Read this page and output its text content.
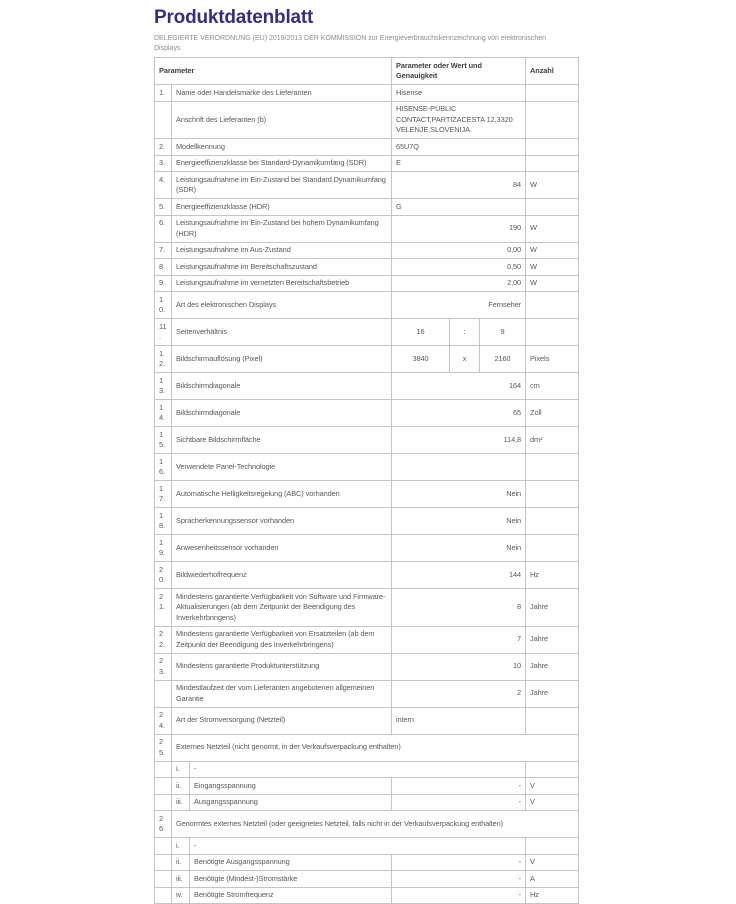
Produktdatenblatt

DELEGIERTE VERORDNUNG (EU) 2019/2013 DER KOMMISSION zur Energieverbrauchskennzeichnung von elektronischen Displays

Parameter			Parameter oder Wert und Genauigkeit			Anzahl
1.	Name oder Handelsmarke des Lieferanten		Hisense			
	Anschrift des Lieferanten (b)		HISENSE-PUBLIC CONTACT,PARTIZACESTA 12,3320 VELENJE,SLOVENIJA			
2.	Modellkennung		65U7Q			
3.	Energieeffizienzklasse bei Standard-Dynamikumfang (SDR)		E			
4.	Leistungsaufnahme im Ein-Zustand bei Standard Dynamikumfang (SDR)		84			W
5.	Energieeffizienzklasse (HDR)		G			
6.	Leistungsaufnahme im Ein-Zustand bei hohem Dynamikumfang (HDR)		190			W
7.	Leistungsaufnahme im Aus-Zustand		0,00			W
8.	Leistungsaufnahme im Bereitschaftszustand		0,50			W
9.	Leistungsaufnahme im vernetzten Bereitschaftsbetrieb		2,00			W
10.	Art des elektronischen Displays		Fernseher			
11.	Seitenverhältnis		16	:	9	
12.	Bildschirmauflösung (Pixel)		3840	x	2160	Pixels
13.	Bildschirmdiagonale		164			cm
14.	Bildschirmdiagonale		65			Zoll
15.	Sichtbare Bildschirmfläche		114,8			dm²
16.	Verwendete Panel-Technologie					
17.	Automatische Helligkeitsregelung (ABC) vorhanden		Nein			
18.	Spracherkennungssensor vorhanden		Nein			
19.	Anwesenheitssensor vorhanden		Nein			
20.	Bildwiederholfrequenz		144			Hz
21.	Mindestens garantierte Verfügbarkeit von Software und Firmware-Aktualisierungen (ab dem Zeitpunkt der Beendigung des Inverkehrbringens)		8			Jahre
22.	Mindestens garantierte Verfügbarkeit von Ersatzteilen (ab dem Zeitpunkt der Beendigung des Inverkehrbringens)		7			Jahre
23.	Mindestens garantierte Produktunterstützung		10			Jahre
	Mindestlaufzeit der vom Lieferanten angebotenen allgemeinen Garantie		2			Jahre
24.	Art der Stromversorgung (Netzteil)		intern			
25.	Externes Netzteil (nicht genormt, in der Verkaufsverpackung enthalten)					
	i.	-				
	ii.	Eingangsspannung	-			V
	iii.	Ausgangsspannung	-			V
26.	Genormtes externes Netzteil (oder geeignetes Netzteil, falls nicht in der Verkaufsverpackung enthalten)					
	i.	-				
	ii.	Benötigte Ausgangsspannung	-			V
	iii.	Benötigte (Mindest-)Stromstärke	-			A
	iv.	Benötigte Stromfrequenz	-			Hz
